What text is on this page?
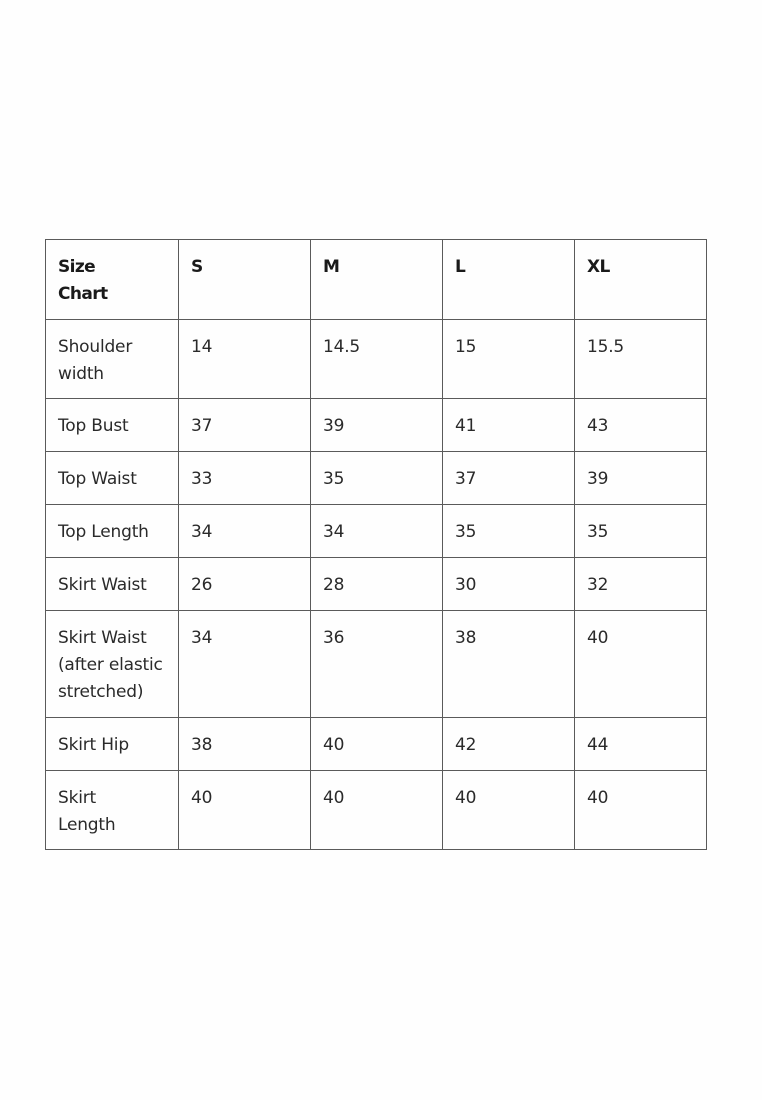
Size
Chart	S	M	L	XL
Shoulder
width	14	14.5	15	15.5
Top Bust	37	39	41	43
Top Waist	33	35	37	39
Top Length	34	34	35	35
Skirt Waist	26	28	30	32
Skirt Waist
(after elastic
stretched)	34	36	38	40
Skirt Hip	38	40	42	44
Skirt
Length	40	40	40	40
